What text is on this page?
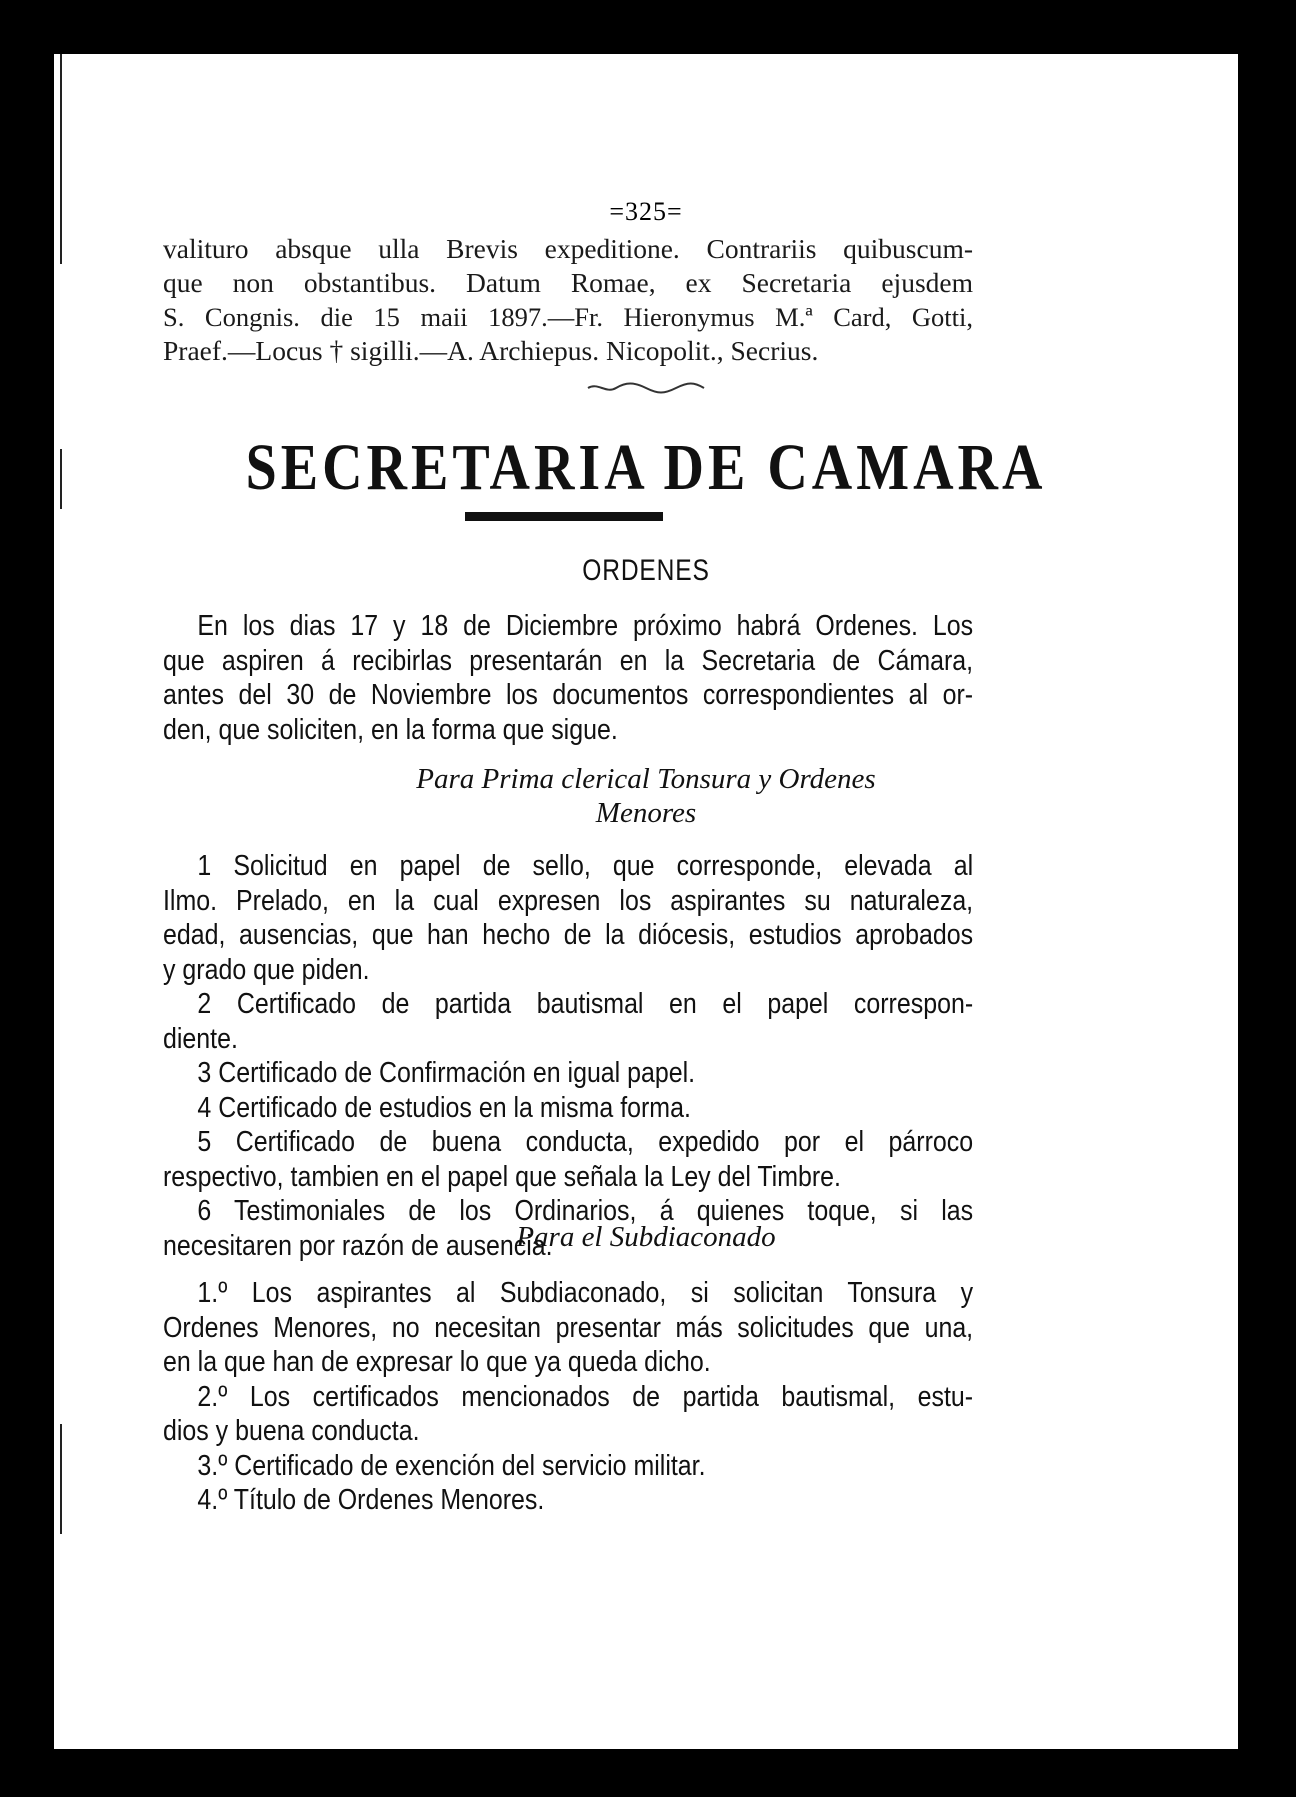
=325=
valituro absque ulla Brevis expeditione. Contrariis quibuscum-
que non obstantibus. Datum Romae, ex Secretaria ejusdem
S. Congnis. die 15 maii 1897.—Fr. Hieronymus M.ª Card, Gotti,
Praef.—Locus † sigilli.—A. Archiepus. Nicopolit., Secrius.
SECRETARIA DE CAMARA
ORDENES
En los dias 17 y 18 de Diciembre próximo habrá Ordenes. Los
que aspiren á recibirlas presentarán en la Secretaria de Cámara,
antes del 30 de Noviembre los documentos correspondientes al or-
den, que soliciten, en la forma que sigue.
Para Prima clerical Tonsura y Ordenes
Menores
1 Solicitud en papel de sello, que corresponde, elevada al
Ilmo. Prelado, en la cual expresen los aspirantes su naturaleza,
edad, ausencias, que han hecho de la diócesis, estudios aprobados
y grado que piden.
2 Certificado de partida bautismal en el papel correspon-
diente.
3 Certificado de Confirmación en igual papel.
4 Certificado de estudios en la misma forma.
5 Certificado de buena conducta, expedido por el párroco
respectivo, tambien en el papel que señala la Ley del Timbre.
6 Testimoniales de los Ordinarios, á quienes toque, si las
necesitaren por razón de ausencia.
Para el Subdiaconado
1.º Los aspirantes al Subdiaconado, si solicitan Tonsura y
Ordenes Menores, no necesitan presentar más solicitudes que una,
en la que han de expresar lo que ya queda dicho.
2.º Los certificados mencionados de partida bautismal, estu-
dios y buena conducta.
3.º Certificado de exención del servicio militar.
4.º Título de Ordenes Menores.
